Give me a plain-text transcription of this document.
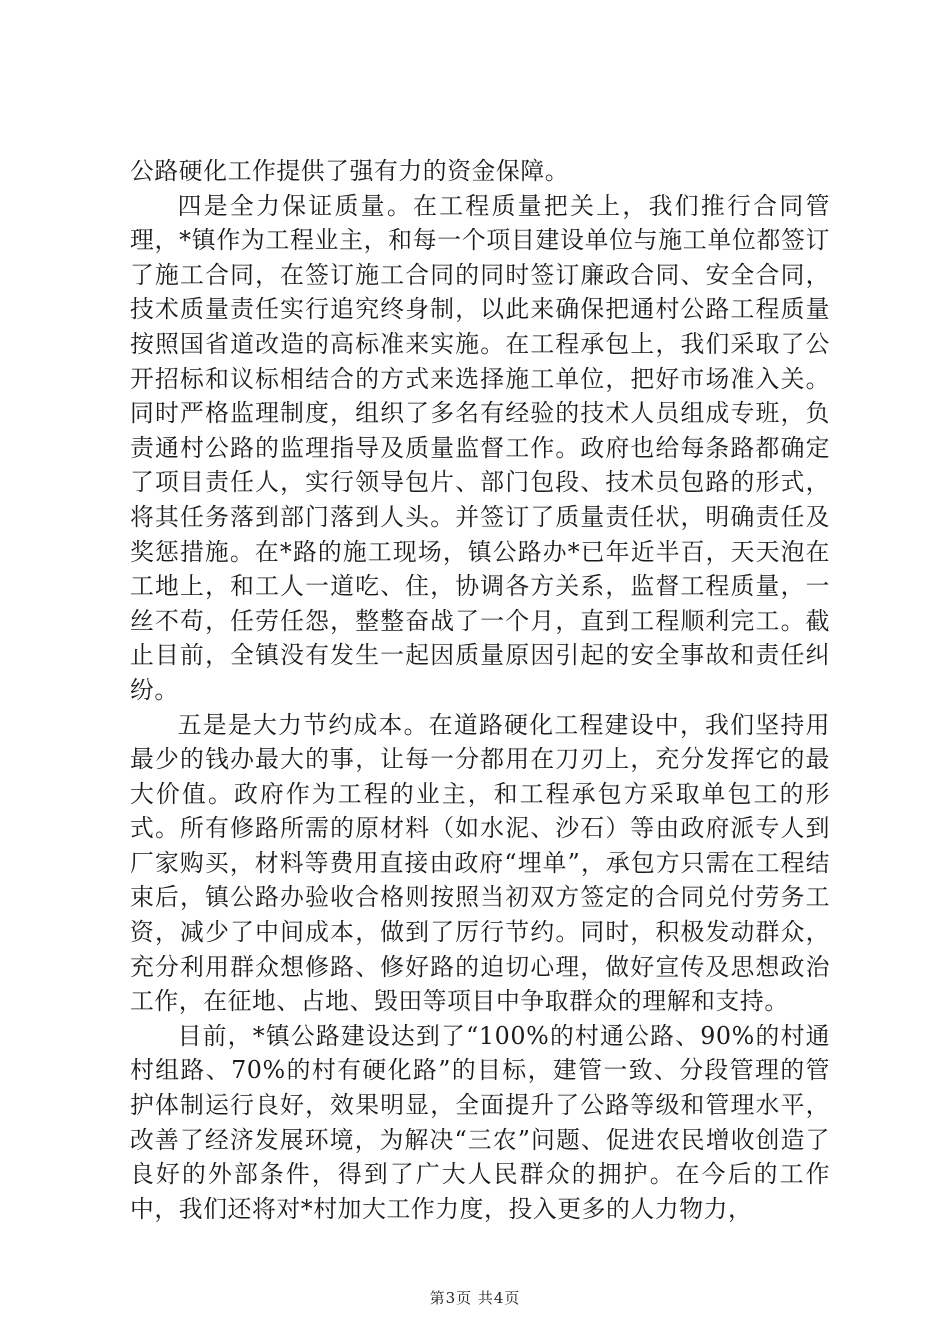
公路硬化工作提供了强有力的资金保障。

四是全力保证质量。在工程质量把关上，我们推行合同管理，*镇作为工程业主，和每一个项目建设单位与施工单位都签订了施工合同，在签订施工合同的同时签订廉政合同、安全合同，技术质量责任实行追究终身制，以此来确保把通村公路工程质量按照国省道改造的高标准来实施。在工程承包上，我们采取了公开招标和议标相结合的方式来选择施工单位，把好市场准入关。同时严格监理制度，组织了多名有经验的技术人员组成专班，负责通村公路的监理指导及质量监督工作。政府也给每条路都确定了项目责任人，实行领导包片、部门包段、技术员包路的形式，将其任务落到部门落到人头。并签订了质量责任状，明确责任及奖惩措施。在*路的施工现场，镇公路办*已年近半百，天天泡在工地上，和工人一道吃、住，协调各方关系，监督工程质量，一丝不苟，任劳任怨，整整奋战了一个月，直到工程顺利完工。截止目前，全镇没有发生一起因质量原因引起的安全事故和责任纠纷。

五是是大力节约成本。在道路硬化工程建设中，我们坚持用最少的钱办最大的事，让每一分都用在刀刃上，充分发挥它的最大价值。政府作为工程的业主，和工程承包方采取单包工的形式。所有修路所需的原材料（如水泥、沙石）等由政府派专人到厂家购买，材料等费用直接由政府“埋单”，承包方只需在工程结束后，镇公路办验收合格则按照当初双方签定的合同兑付劳务工资，减少了中间成本，做到了厉行节约。同时，积极发动群众，充分利用群众想修路、修好路的迫切心理，做好宣传及思想政治工作，在征地、占地、毁田等项目中争取群众的理解和支持。

目前，*镇公路建设达到了“100%的村通公路、90%的村通村组路、70%的村有硬化路”的目标，建管一致、分段管理的管护体制运行良好，效果明显，全面提升了公路等级和管理水平，改善了经济发展环境，为解决“三农”问题、促进农民增收创造了良好的外部条件，得到了广大人民群众的拥护。在今后的工作中，我们还将对*村加大工作力度，投入更多的人力物力，

第3页 共4页
